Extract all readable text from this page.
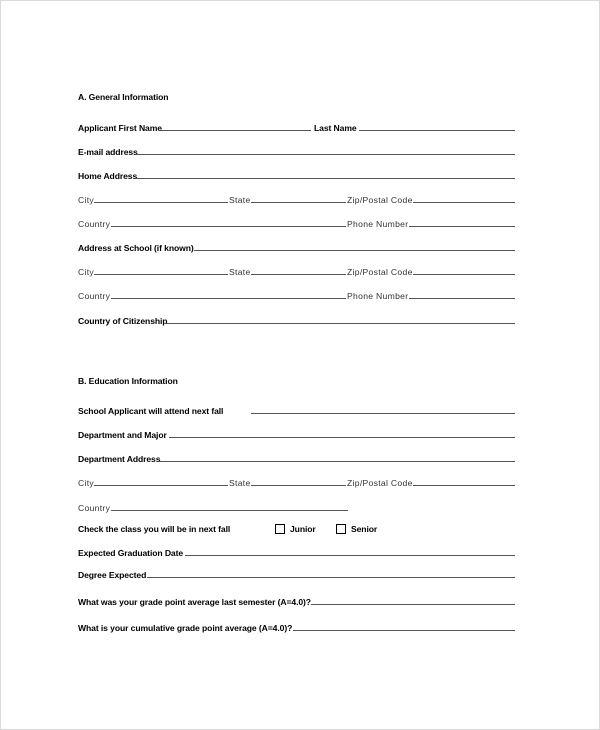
A. General Information
Applicant First Name	Last Name
E-mail address
Home Address
City	State	Zip/Postal Code
Country	Phone Number
Address at School (if known)
City	State	Zip/Postal Code
Country	Phone Number
Country of Citizenship
B. Education Information
School Applicant will attend next fall
Department and Major
Department Address
City	State	Zip/Postal Code
Country
Check the class you will be in next fall	Junior	Senior
Expected Graduation Date
Degree Expected
What was your grade point average last semester (A=4.0)?
What is your cumulative grade point average (A=4.0)?
